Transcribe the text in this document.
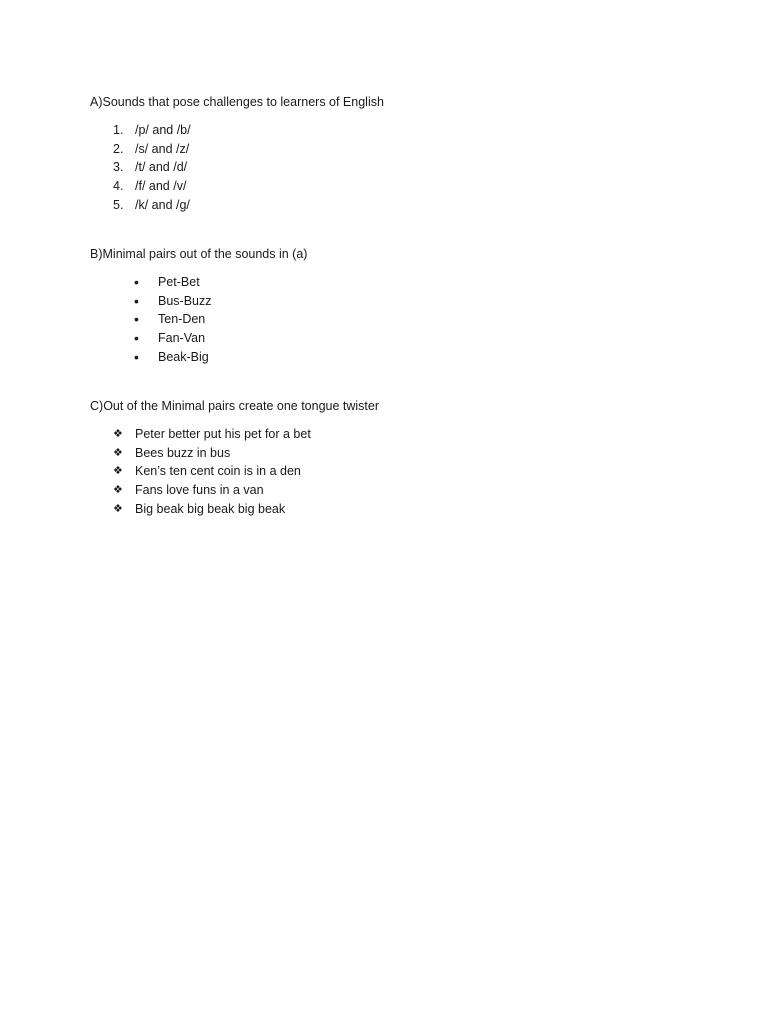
A)Sounds that pose challenges to learners of English

1. /p/ and /b/
2. /s/ and /z/
3. /t/ and /d/
4. /f/ and /v/
5. /k/ and /g/

B)Minimal pairs out of the sounds in (a)

• Pet-Bet
• Bus-Buzz
• Ten-Den
• Fan-Van
• Beak-Big

C)Out of the Minimal pairs create one tongue twister

❖ Peter better put his pet for a bet
❖ Bees buzz in bus
❖ Ken’s ten cent coin is in a den
❖ Fans love funs in a van
❖ Big beak big beak big beak
